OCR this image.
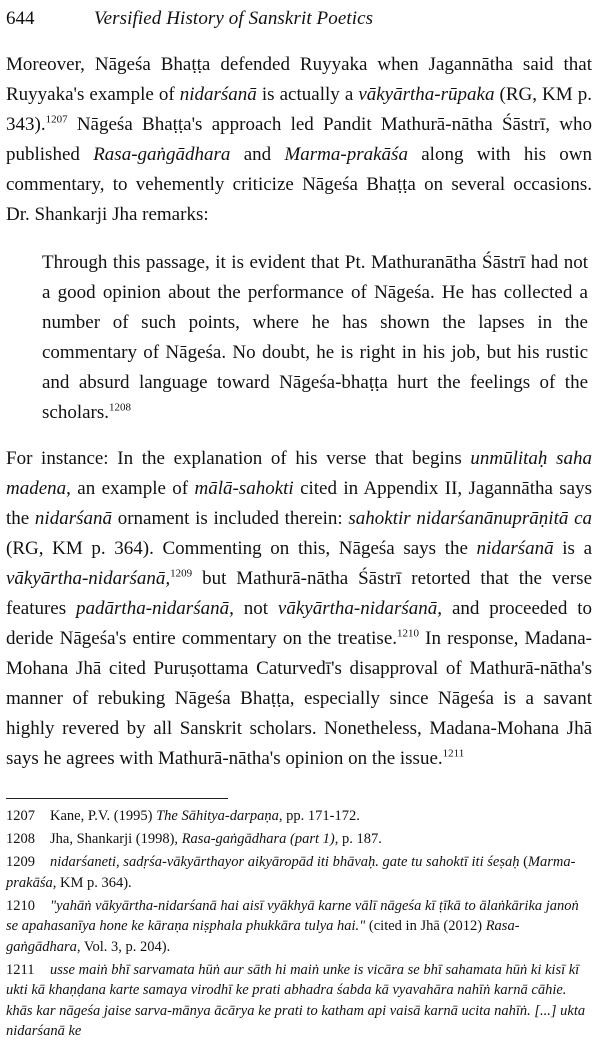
644	Versified History of Sanskrit Poetics
Moreover, Nāgeśa Bhaṭṭa defended Ruyyaka when Jagannātha said that Ruyyaka's example of nidarśanā is actually a vākyārtha-rūpaka (RG, KM p. 343).$^{1207}$ Nāgeśa Bhaṭṭa's approach led Pandit Mathurā-nātha Śāstrī, who published Rasa-gaṅgādhara and Marma-prakāśa along with his own commentary, to vehemently criticize Nāgeśa Bhaṭṭa on several occasions. Dr. Shankarji Jha remarks:
Through this passage, it is evident that Pt. Mathuranātha Śāstrī had not a good opinion about the performance of Nāgeśa. He has collected a number of such points, where he has shown the lapses in the commentary of Nāgeśa. No doubt, he is right in his job, but his rustic and absurd language toward Nāgeśa-bhaṭṭa hurt the feelings of the scholars.$^{1208}$
For instance: In the explanation of his verse that begins unmūlitaḥ saha madena, an example of mālā-sahokti cited in Appendix II, Jagannātha says the nidarśanā ornament is included therein: sahoktir nidarśanānuprāṇitā ca (RG, KM p. 364). Commenting on this, Nāgeśa says the nidarśanā is a vākyārtha-nidarśanā,$^{1209}$ but Mathurā-nātha Śāstrī retorted that the verse features padārtha-nidarśanā, not vākyārtha-nidarśanā, and proceeded to deride Nāgeśa's entire commentary on the treatise.$^{1210}$ In response, Madana-Mohana Jhā cited Puruṣottama Caturvedī's disapproval of Mathurā-nātha's manner of rebuking Nāgeśa Bhaṭṭa, especially since Nāgeśa is a savant highly revered by all Sanskrit scholars. Nonetheless, Madana-Mohana Jhā says he agrees with Mathurā-nātha's opinion on the issue.$^{1211}$
1207 Kane, P.V. (1995) The Sāhitya-darpaṇa, pp. 171-172.
1208 Jha, Shankarji (1998), Rasa-gaṅgādhara (part 1), p. 187.
1209 nidarśaneti, sadṛśa-vākyārthayor aikyāropād iti bhāvaḥ. gate tu sahoktī iti śeṣaḥ (Marma-prakāśa, KM p. 364).
1210 "yahāṅ vākyārtha-nidarśanā hai aisī vyākhyā karne vālī nāgeśa kī ṭīkā to ālaṅkārika janoṅ se apahasanīya hone ke kāraṇa niṣphala phukkāra tulya hai." (cited in Jhā (2012) Rasa-gaṅgādhara, Vol. 3, p. 204).
1211 usse maiṅ bhī sarvamata hūṅ aur sāth hi maiṅ unke is vicāra se bhī sahamata hūṅ ki kisī kī ukti kā khaṇḍana karte samaya virodhī ke prati abhadra śabda kā vyavahāra nahīṅ karnā cāhie. khās kar nāgeśa jaise sarva-mānya ācārya ke prati to katham api vaisā karnā ucita nahīṅ. [...] ukta nidarśanā ke
